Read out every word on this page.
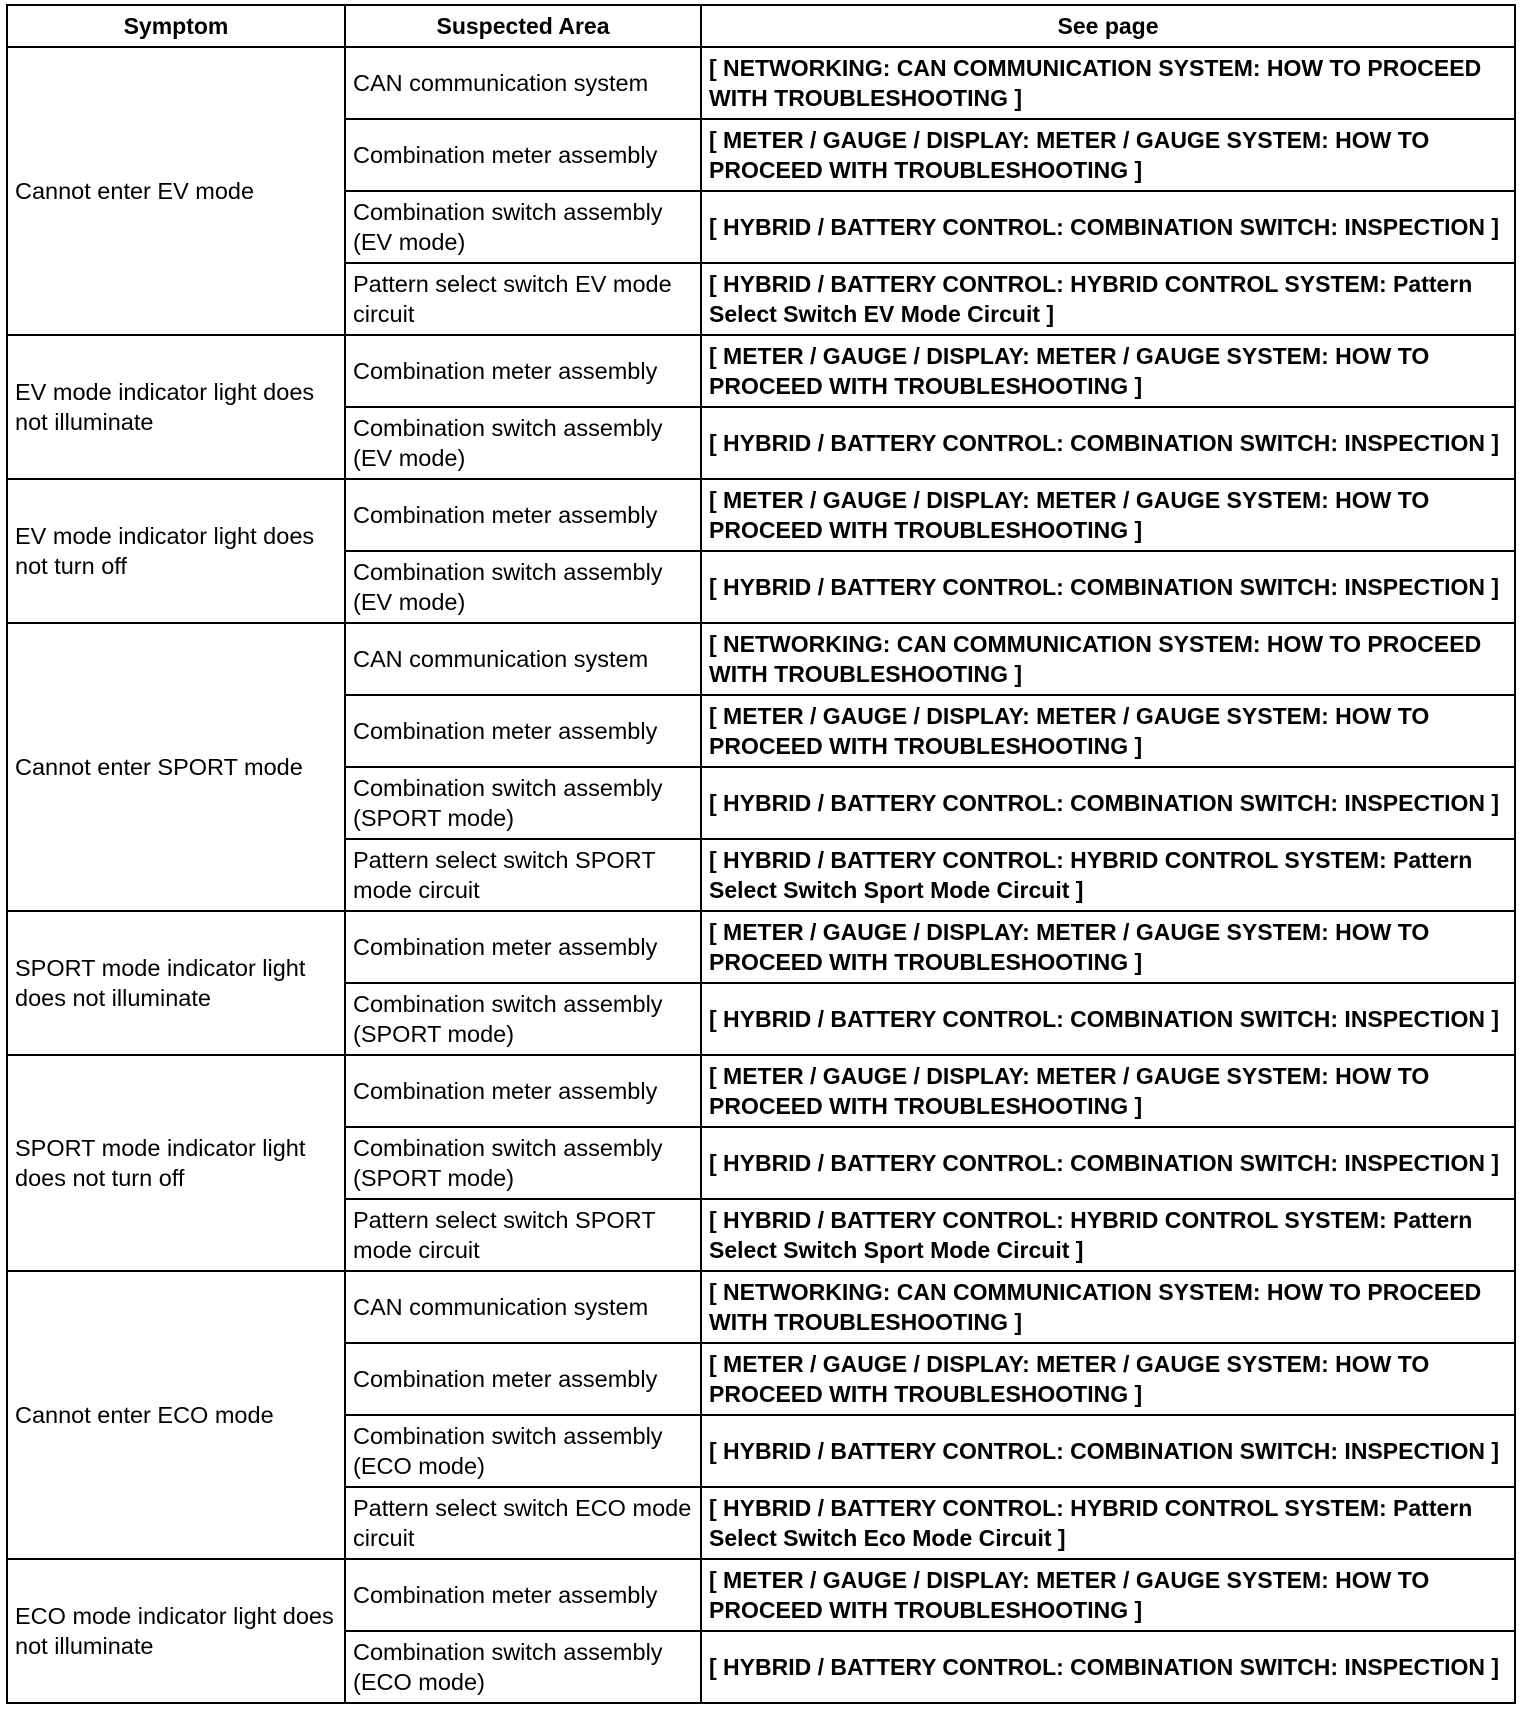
Symptom	Suspected Area	See page
Cannot enter EV mode	CAN communication system	[ NETWORKING: CAN COMMUNICATION SYSTEM: HOW TO PROCEED WITH TROUBLESHOOTING ]
	Combination meter assembly	[ METER / GAUGE / DISPLAY: METER / GAUGE SYSTEM: HOW TO PROCEED WITH TROUBLESHOOTING ]
	Combination switch assembly (EV mode)	[ HYBRID / BATTERY CONTROL: COMBINATION SWITCH: INSPECTION ]
	Pattern select switch EV mode circuit	[ HYBRID / BATTERY CONTROL: HYBRID CONTROL SYSTEM: Pattern Select Switch EV Mode Circuit ]
EV mode indicator light does not illuminate	Combination meter assembly	[ METER / GAUGE / DISPLAY: METER / GAUGE SYSTEM: HOW TO PROCEED WITH TROUBLESHOOTING ]
	Combination switch assembly (EV mode)	[ HYBRID / BATTERY CONTROL: COMBINATION SWITCH: INSPECTION ]
EV mode indicator light does not turn off	Combination meter assembly	[ METER / GAUGE / DISPLAY: METER / GAUGE SYSTEM: HOW TO PROCEED WITH TROUBLESHOOTING ]
	Combination switch assembly (EV mode)	[ HYBRID / BATTERY CONTROL: COMBINATION SWITCH: INSPECTION ]
Cannot enter SPORT mode	CAN communication system	[ NETWORKING: CAN COMMUNICATION SYSTEM: HOW TO PROCEED WITH TROUBLESHOOTING ]
	Combination meter assembly	[ METER / GAUGE / DISPLAY: METER / GAUGE SYSTEM: HOW TO PROCEED WITH TROUBLESHOOTING ]
	Combination switch assembly (SPORT mode)	[ HYBRID / BATTERY CONTROL: COMBINATION SWITCH: INSPECTION ]
	Pattern select switch SPORT mode circuit	[ HYBRID / BATTERY CONTROL: HYBRID CONTROL SYSTEM: Pattern Select Switch Sport Mode Circuit ]
SPORT mode indicator light does not illuminate	Combination meter assembly	[ METER / GAUGE / DISPLAY: METER / GAUGE SYSTEM: HOW TO PROCEED WITH TROUBLESHOOTING ]
	Combination switch assembly (SPORT mode)	[ HYBRID / BATTERY CONTROL: COMBINATION SWITCH: INSPECTION ]
SPORT mode indicator light does not turn off	Combination meter assembly	[ METER / GAUGE / DISPLAY: METER / GAUGE SYSTEM: HOW TO PROCEED WITH TROUBLESHOOTING ]
	Combination switch assembly (SPORT mode)	[ HYBRID / BATTERY CONTROL: COMBINATION SWITCH: INSPECTION ]
	Pattern select switch SPORT mode circuit	[ HYBRID / BATTERY CONTROL: HYBRID CONTROL SYSTEM: Pattern Select Switch Sport Mode Circuit ]
Cannot enter ECO mode	CAN communication system	[ NETWORKING: CAN COMMUNICATION SYSTEM: HOW TO PROCEED WITH TROUBLESHOOTING ]
	Combination meter assembly	[ METER / GAUGE / DISPLAY: METER / GAUGE SYSTEM: HOW TO PROCEED WITH TROUBLESHOOTING ]
	Combination switch assembly (ECO mode)	[ HYBRID / BATTERY CONTROL: COMBINATION SWITCH: INSPECTION ]
	Pattern select switch ECO mode circuit	[ HYBRID / BATTERY CONTROL: HYBRID CONTROL SYSTEM: Pattern Select Switch Eco Mode Circuit ]
ECO mode indicator light does not illuminate	Combination meter assembly	[ METER / GAUGE / DISPLAY: METER / GAUGE SYSTEM: HOW TO PROCEED WITH TROUBLESHOOTING ]
	Combination switch assembly (ECO mode)	[ HYBRID / BATTERY CONTROL: COMBINATION SWITCH: INSPECTION ]
